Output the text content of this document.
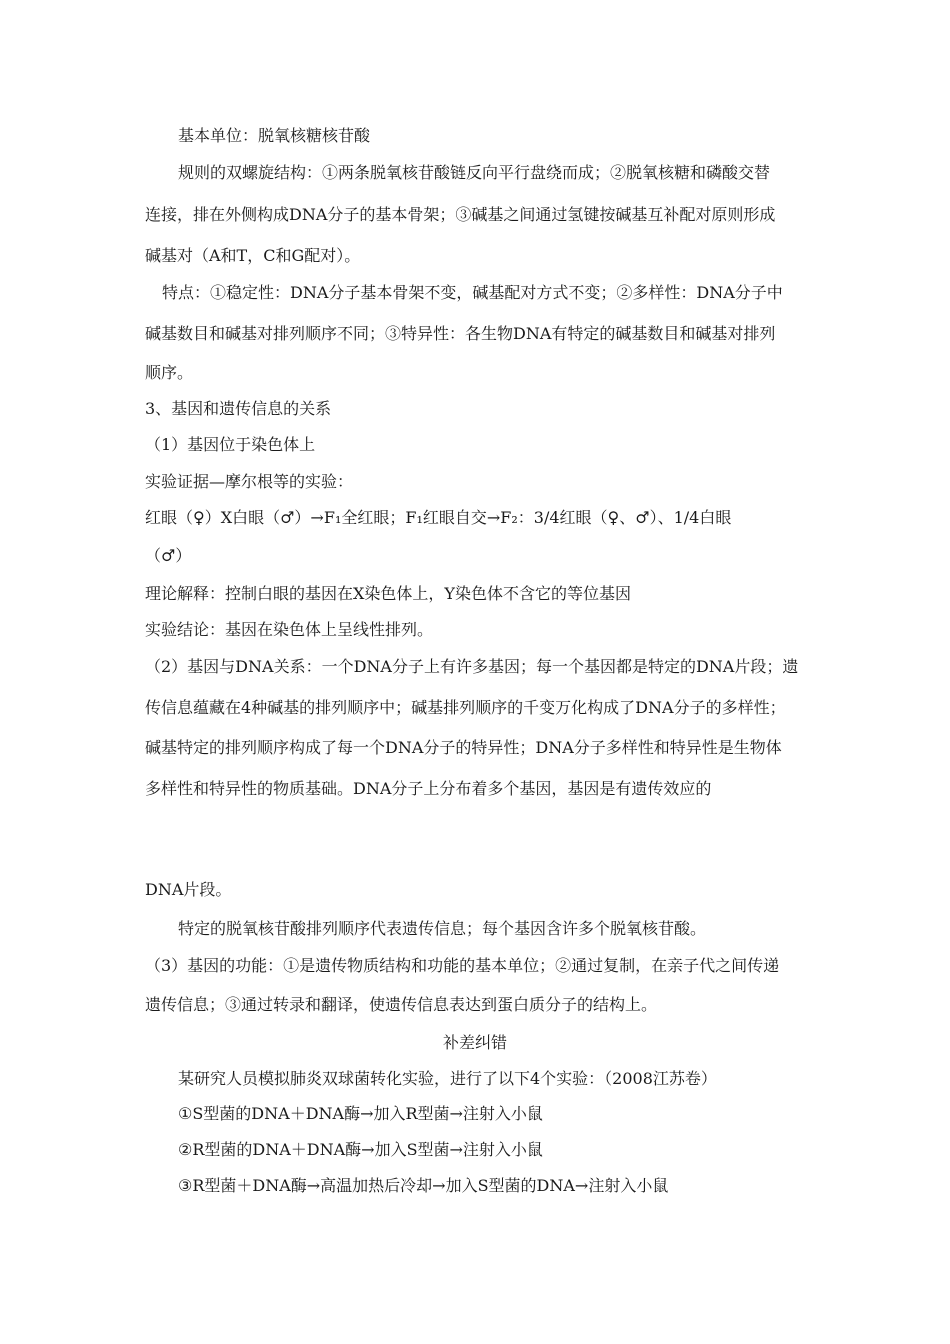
基本单位：脱氧核糖核苷酸
规则的双螺旋结构：①两条脱氧核苷酸链反向平行盘绕而成；②脱氧核糖和磷酸交替
连接，排在外侧构成DNA分子的基本骨架；③碱基之间通过氢键按碱基互补配对原则形成
碱基对（A和T，C和G配对）。
特点：①稳定性：DNA分子基本骨架不变，碱基配对方式不变；②多样性：DNA分子中
碱基数目和碱基对排列顺序不同；③特异性：各生物DNA有特定的碱基数目和碱基对排列
顺序。
3、基因和遗传信息的关系
（1）基因位于染色体上
实验证据—摩尔根等的实验：
红眼（♀）X白眼（♂）→F₁全红眼；F₁红眼自交→F₂：3/4红眼（♀、♂）、1/4白眼
（♂）
理论解释：控制白眼的基因在X染色体上，Y染色体不含它的等位基因
实验结论：基因在染色体上呈线性排列。
（2）基因与DNA关系：一个DNA分子上有许多基因；每一个基因都是特定的DNA片段；遗
传信息蕴藏在4种碱基的排列顺序中；碱基排列顺序的千变万化构成了DNA分子的多样性；
碱基特定的排列顺序构成了每一个DNA分子的特异性；DNA分子多样性和特异性是生物体
多样性和特异性的物质基础。DNA分子上分布着多个基因，基因是有遗传效应的
DNA片段。
特定的脱氧核苷酸排列顺序代表遗传信息；每个基因含许多个脱氧核苷酸。
（3）基因的功能：①是遗传物质结构和功能的基本单位；②通过复制，在亲子代之间传递
遗传信息；③通过转录和翻译，使遗传信息表达到蛋白质分子的结构上。
补差纠错
某研究人员模拟肺炎双球菌转化实验，进行了以下4个实验：（2008江苏卷）
①S型菌的DNA＋DNA酶→加入R型菌→注射入小鼠
②R型菌的DNA＋DNA酶→加入S型菌→注射入小鼠
③R型菌＋DNA酶→高温加热后冷却→加入S型菌的DNA→注射入小鼠
